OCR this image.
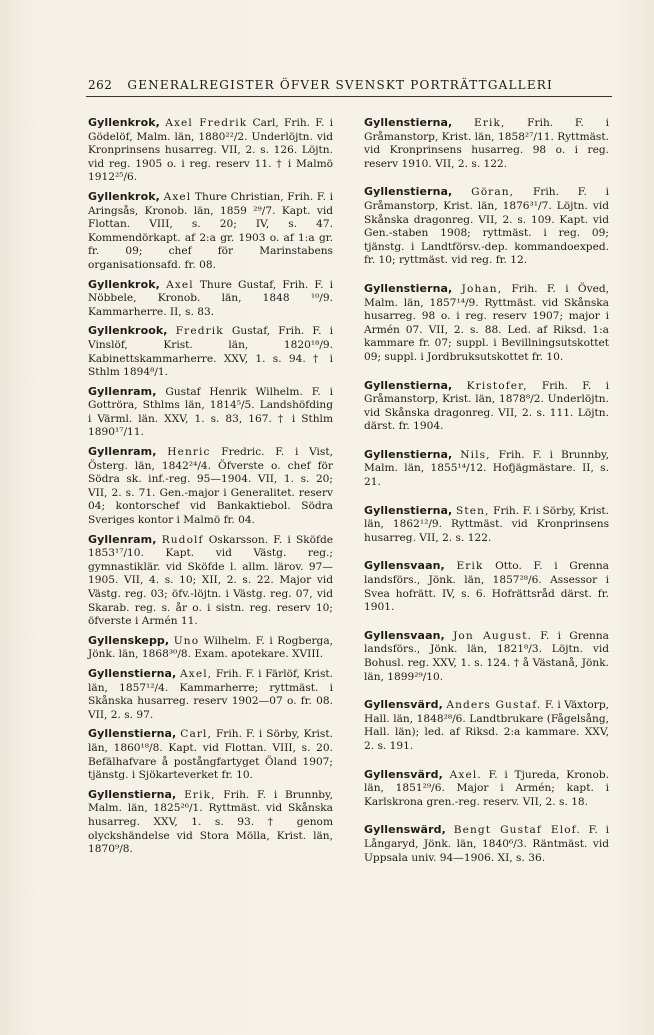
262 GENERALREGISTER ÖFVER SVENSKT PORTRÄTTGALLERI
Gyllenkrok, Axel Fredrik Carl, Frih. F. i Gödelöf, Malm. län, 1880²²/2. Underlöjtn. vid Kronprinsens husarreg. VII, 2. s. 126. Löjtn. vid reg. 1905 o. i reg. reserv 11. † i Malmö 1912²⁵/6.
Gyllenkrok, Axel Thure Christian, Frih. F. i Aringsås, Kronob. län, 1859 ²⁹/7. Kapt. vid Flottan. VIII, s. 20; IV, s. 47. Kommendörkapt. af 2:a gr. 1903 o. af 1:a gr. fr. 09; chef för Marinstabens organisationsafd. fr. 08.
Gyllenkrok, Axel Thure Gustaf, Frih. F. i Nöbbele, Kronob. län, 1848 ¹⁰/9. Kammarherre. II, s. 83.
Gyllenkrook, Fredrik Gustaf, Frih. F. i Vinslöf, Krist. län, 1820¹⁸/9. Kabinettskammarherre. XXV, 1. s. 94. † i Sthlm 1894⁸/1.
Gyllenram, Gustaf Henrik Wilhelm. F. i Gottröra, Sthlms län, 1814⁵/5. Landshöfding i Värml. län. XXV, 1. s. 83, 167. † i Sthlm 1890¹⁷/11.
Gyllenram, Henric Fredric. F. i Vist, Österg. län, 1842²⁴/4. Öfverste o. chef för Södra sk. inf.-reg. 95—1904. VII, 1. s. 20; VII, 2. s. 71. Gen.-major i Generalitet. reserv 04; kontorschef vid Bankaktiebol. Södra Sveriges kontor i Malmö fr. 04.
Gyllenram, Rudolf Oskarsson. F. i Sköfde 1853¹⁷/10. Kapt. vid Västg. reg.; gymnastiklär. vid Sköfde l. allm. lärov. 97—1905. VII, 4. s. 10; XII, 2. s. 22. Major vid Västg. reg. 03; öfv.-löjtn. i Västg. reg. 07, vid Skarab. reg. s. år o. i sistn. reg. reserv 10; öfverste i Armén 11.
Gyllenskepp, Uno Wilhelm. F. i Rogberga, Jönk. län, 1868³⁰/8. Exam. apotekare. XVIII.
Gyllenstierna, Axel, Frih. F. i Färlöf, Krist. län, 1857¹²/4. Kammarherre; ryttmäst. i Skånska husarreg. reserv 1902—07 o. fr. 08. VII, 2. s. 97.
Gyllenstierna, Carl, Frih. F. i Sörby, Krist. län, 1860¹⁸/8. Kapt. vid Flottan. VIII, s. 20. Befälhafvare å postångfartyget Öland 1907; tjänstg. i Sjökarteverket fr. 10.
Gyllenstierna, Erik, Frih. F. i Brunnby, Malm. län, 1825²⁶/1. Ryttmäst. vid Skånska husarreg. XXV, 1. s. 93. † genom olyckshändelse vid Stora Mölla, Krist. län, 1870⁹/8.
Gyllenstierna, Erik, Frih. F. i Gråmanstorp, Krist. län, 1858²⁷/11. Ryttmäst. vid Kronprinsens husarreg. 98 o. i reg. reserv 1910. VII, 2. s. 122.
Gyllenstierna, Göran, Frih. F. i Gråmanstorp, Krist. län, 1876³¹/7. Löjtn. vid Skånska dragonreg. VII, 2. s. 109. Kapt. vid Gen.-staben 1908; ryttmäst. i reg. 09; tjänstg. i Landtförsv.-dep. kommandoexped. fr. 10; ryttmäst. vid reg. fr. 12.
Gyllenstierna, Johan, Frih. F. i Öved, Malm. län, 1857¹⁴/9. Ryttmäst. vid Skånska husarreg. 98 o. i reg. reserv 1907; major i Armén 07. VII, 2. s. 88. Led. af Riksd. 1:a kammare fr. 07; suppl. i Bevillningsutskottet 09; suppl. i Jordbruksutskottet fr. 10.
Gyllenstierna, Kristofer, Frih. F. i Gråmanstorp, Krist. län, 1878⁸/2. Underlöjtn. vid Skånska dragonreg. VII, 2. s. 111. Löjtn. därst. fr. 1904.
Gyllenstierna, Nils, Frih. F. i Brunnby, Malm. län, 1855¹⁴/12. Hofjägmästare. II, s. 21.
Gyllenstierna, Sten, Frih. F. i Sörby, Krist. län, 1862¹²/9. Ryttmäst. vid Kronprinsens husarreg. VII, 2. s. 122.
Gyllensvaan, Erik Otto. F. i Grenna landsförs., Jönk. län, 1857²⁸/6. Assessor i Svea hofrätt. IV, s. 6. Hofrättsråd därst. fr. 1901.
Gyllensvaan, Jon August. F. i Grenna landsförs., Jönk. län, 1821⁸/3. Löjtn. vid Bohusl. reg. XXV, 1. s. 124. † å Västanå, Jönk. län, 1899²⁹/10.
Gyllensvärd, Anders Gustaf. F. i Växtorp, Hall. län, 1848²⁸/6. Landtbrukare (Fågelsång, Hall. län); led. af Riksd. 2:a kammare. XXV, 2. s. 191.
Gyllensvärd, Axel. F. i Tjureda, Kronob. län, 1851²⁹/6. Major i Armén; kapt. i Karlskrona gren.-reg. reserv. VII, 2. s. 18.
Gyllenswärd, Bengt Gustaf Elof. F. i Långaryd, Jönk. län, 1840⁶/3. Räntmäst. vid Uppsala univ. 94—1906. XI, s. 36.
